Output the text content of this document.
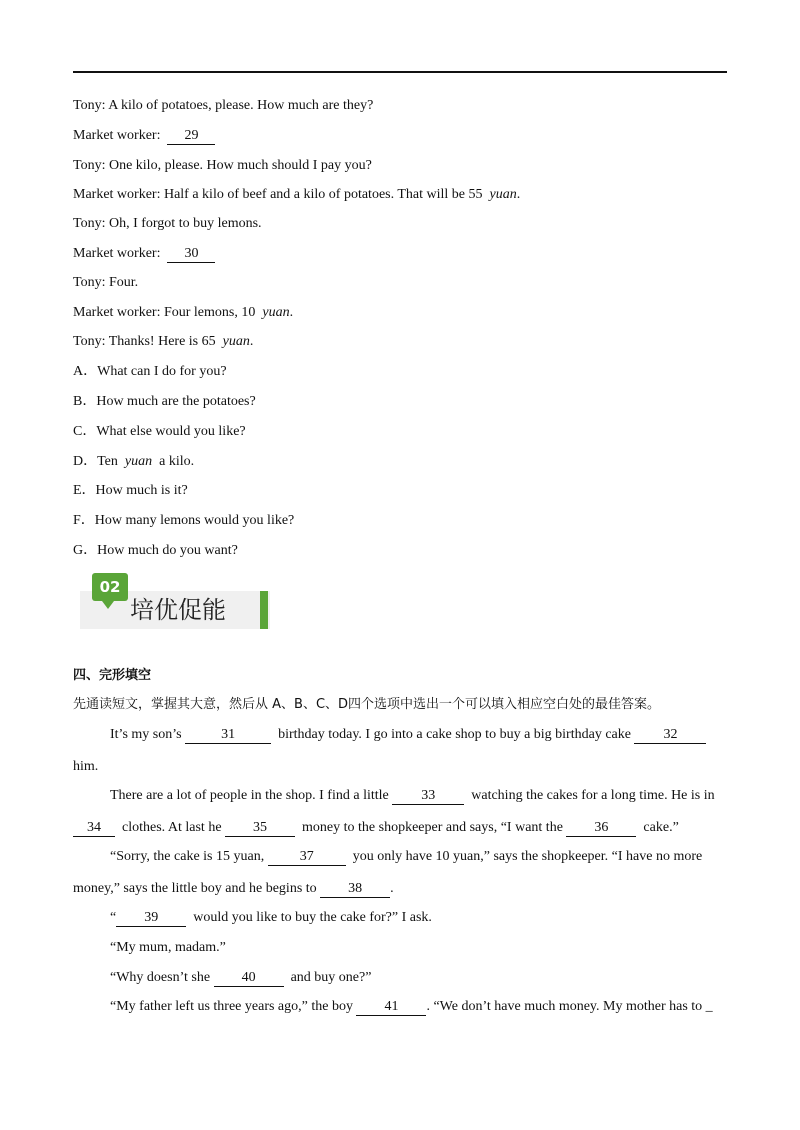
Tony: A kilo of potatoes, please. How much are they?
Market worker: 29
Tony: One kilo, please. How much should I pay you?
Market worker: Half a kilo of beef and a kilo of potatoes. That will be 55 yuan.
Tony: Oh, I forgot to buy lemons.
Market worker: 30
Tony: Four.
Market worker: Four lemons, 10 yuan.
Tony: Thanks! Here is 65 yuan.
A．What can I do for you?
B．How much are the potatoes?
C．What else would you like?
D．Ten yuan a kilo.
E．How much is it?
F．How many lemons would you like?
G．How much do you want?
02
培优促能
四、完形填空
先通读短文，掌握其大意，然后从 A、B、C、D四个选项中选出一个可以填入相应空白处的最佳答案。
It’s my son’s	31	birthday today. I go into a cake shop to buy a big birthday cake 32
him.
There are a lot of people in the shop. I find a little 33	watching the cakes for a long time. He is in
34 clothes. At last he 35	money to the shopkeeper and says, “I want the 36	cake.”
“Sorry, the cake is 15 yuan,	37	you only have 10 yuan,” says the shopkeeper. “I have no more
money,” says the little boy and he begins to 38 .
“ 39	would you like to buy the cake for?” I ask.
“My mum, madam.”
“Why doesn’t she 40	and buy one?”
“My father left us three years ago,” the boy 41 . “We don’t have much money. My mother has to _
